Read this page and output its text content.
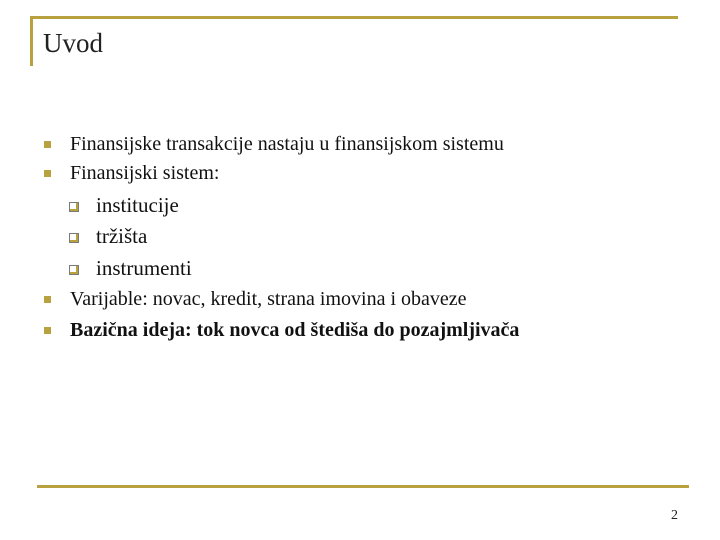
Uvod
Finansijske transakcije nastaju u finansijskom sistemu
Finansijski sistem:
institucije
tržišta
instrumenti
Varijable: novac, kredit, strana imovina i obaveze
Bazična ideja: tok novca od štediša do pozajmljivača
2
